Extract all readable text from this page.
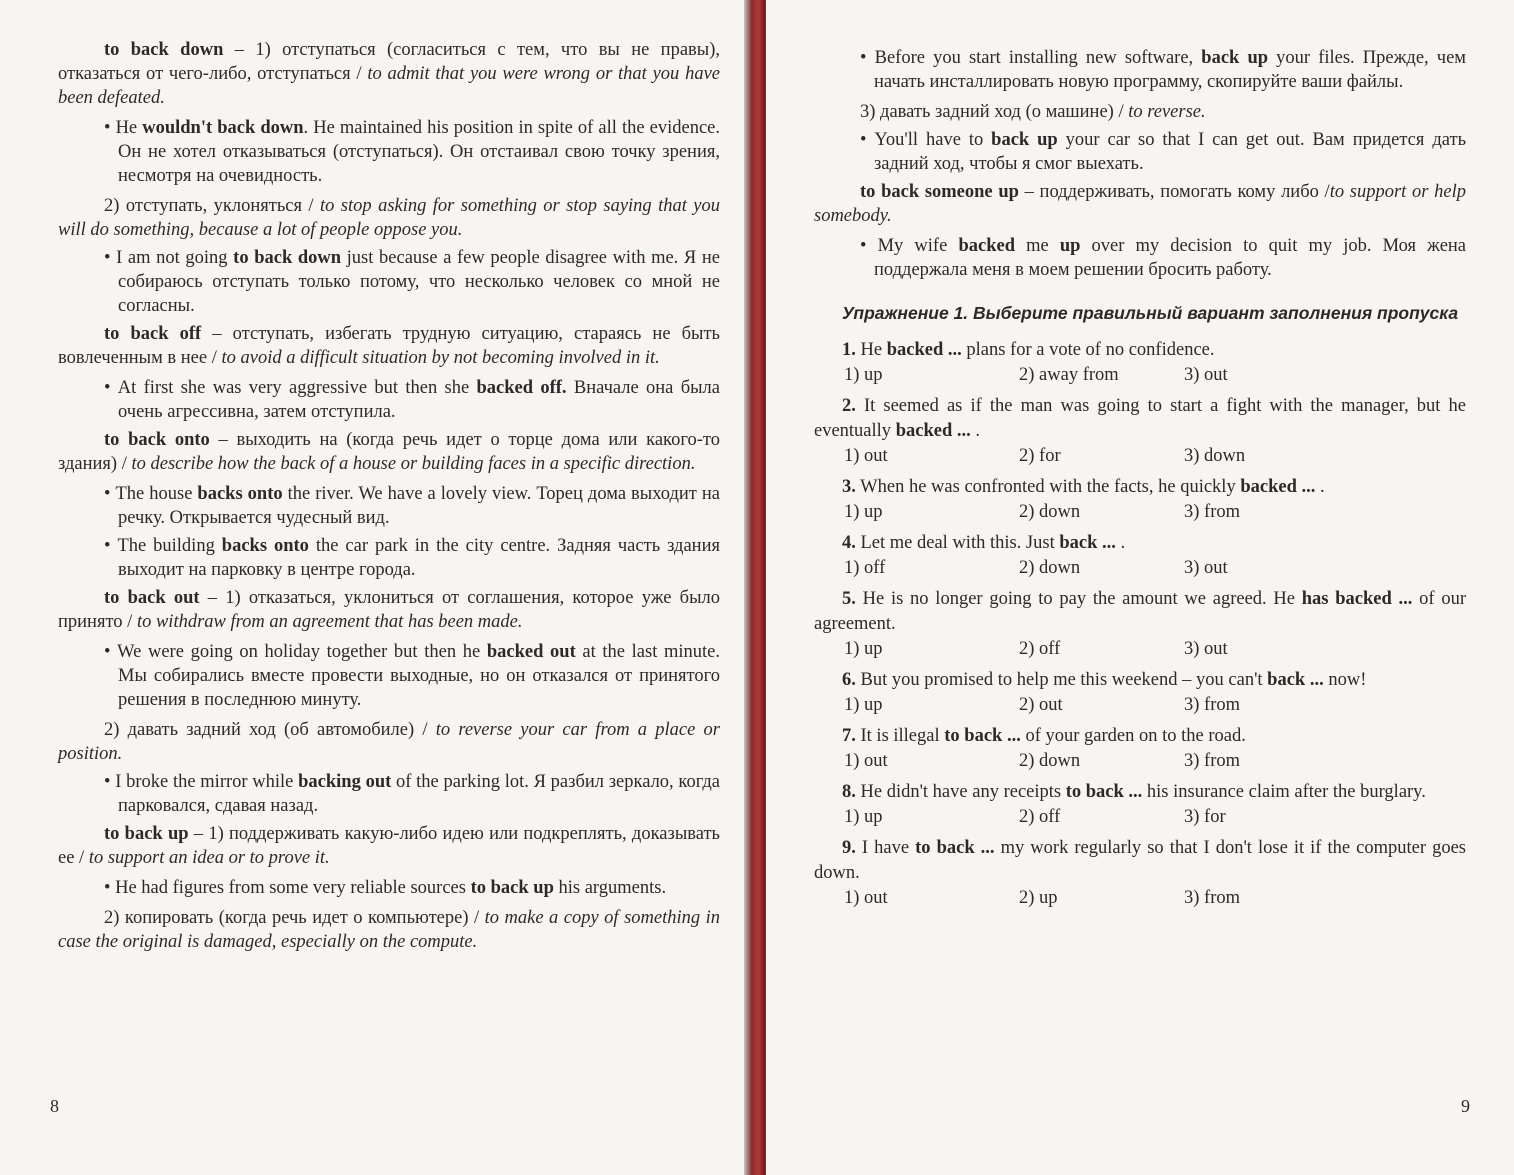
to back down – 1) отступаться (согласиться с тем, что вы не правы), отказаться от чего-либо, отступаться / to admit that you were wrong or that you have been defeated.
• He wouldn't back down. He maintained his position in spite of all the evidence. Он не хотел отказываться (отступаться). Он отстаивал свою точку зрения, несмотря на очевидность.
2) отступать, уклоняться / to stop asking for something or stop saying that you will do something, because a lot of people oppose you.
• I am not going to back down just because a few people disagree with me. Я не собираюсь отступать только потому, что несколько человек со мной не согласны.
to back off – отступать, избегать трудную ситуацию, стараясь не быть вовлеченным в нее / to avoid a difficult situation by not becoming involved in it.
• At first she was very aggressive but then she backed off. Вначале она была очень агрессивна, затем отступила.
to back onto – выходить на (когда речь идет о торце дома или какого-то здания) / to describe how the back of a house or building faces in a specific direction.
• The house backs onto the river. We have a lovely view. Торец дома выходит на речку. Открывается чудесный вид.
• The building backs onto the car park in the city centre. Задняя часть здания выходит на парковку в центре города.
to back out – 1) отказаться, уклониться от соглашения, которое уже было принято / to withdraw from an agreement that has been made.
• We were going on holiday together but then he backed out at the last minute. Мы собирались вместе провести выходные, но он отказался от принятого решения в последнюю минуту.
2) давать задний ход (об автомобиле) / to reverse your car from a place or position.
• I broke the mirror while backing out of the parking lot. Я разбил зеркало, когда парковался, сдавая назад.
to back up – 1) поддерживать какую-либо идею или подкреплять, доказывать ее / to support an idea or to prove it.
• He had figures from some very reliable sources to back up his arguments.
2) копировать (когда речь идет о компьютере) / to make a copy of something in case the original is damaged, especially on the compute.
8
• Before you start installing new software, back up your files. Прежде, чем начать инсталлировать новую программу, скопируйте ваши файлы.
3) давать задний ход (о машине) / to reverse.
• You'll have to back up your car so that I can get out. Вам придется дать задний ход, чтобы я смог выехать.
to back someone up – поддерживать, помогать кому либо /to support or help somebody.
• My wife backed me up over my decision to quit my job. Моя жена поддержала меня в моем решении бросить работу.
Упражнение 1. Выберите правильный вариант заполнения пропуска
1. He backed ... plans for a vote of no confidence.
1) up	2) away from	3) out
2. It seemed as if the man was going to start a fight with the manager, but he eventually backed ... .
1) out	2) for	3) down
3. When he was confronted with the facts, he quickly backed ... .
1) up	2) down	3) from
4. Let me deal with this. Just back ... .
1) off	2) down	3) out
5. He is no longer going to pay the amount we agreed. He has backed ... of our agreement.
1) up	2) off	3) out
6. But you promised to help me this weekend – you can't back ... now!
1) up	2) out	3) from
7. It is illegal to back ... of your garden on to the road.
1) out	2) down	3) from
8. He didn't have any receipts to back ... his insurance claim after the burglary.
1) up	2) off	3) for
9. I have to back ... my work regularly so that I don't lose it if the computer goes down.
1) out	2) up	3) from
9
